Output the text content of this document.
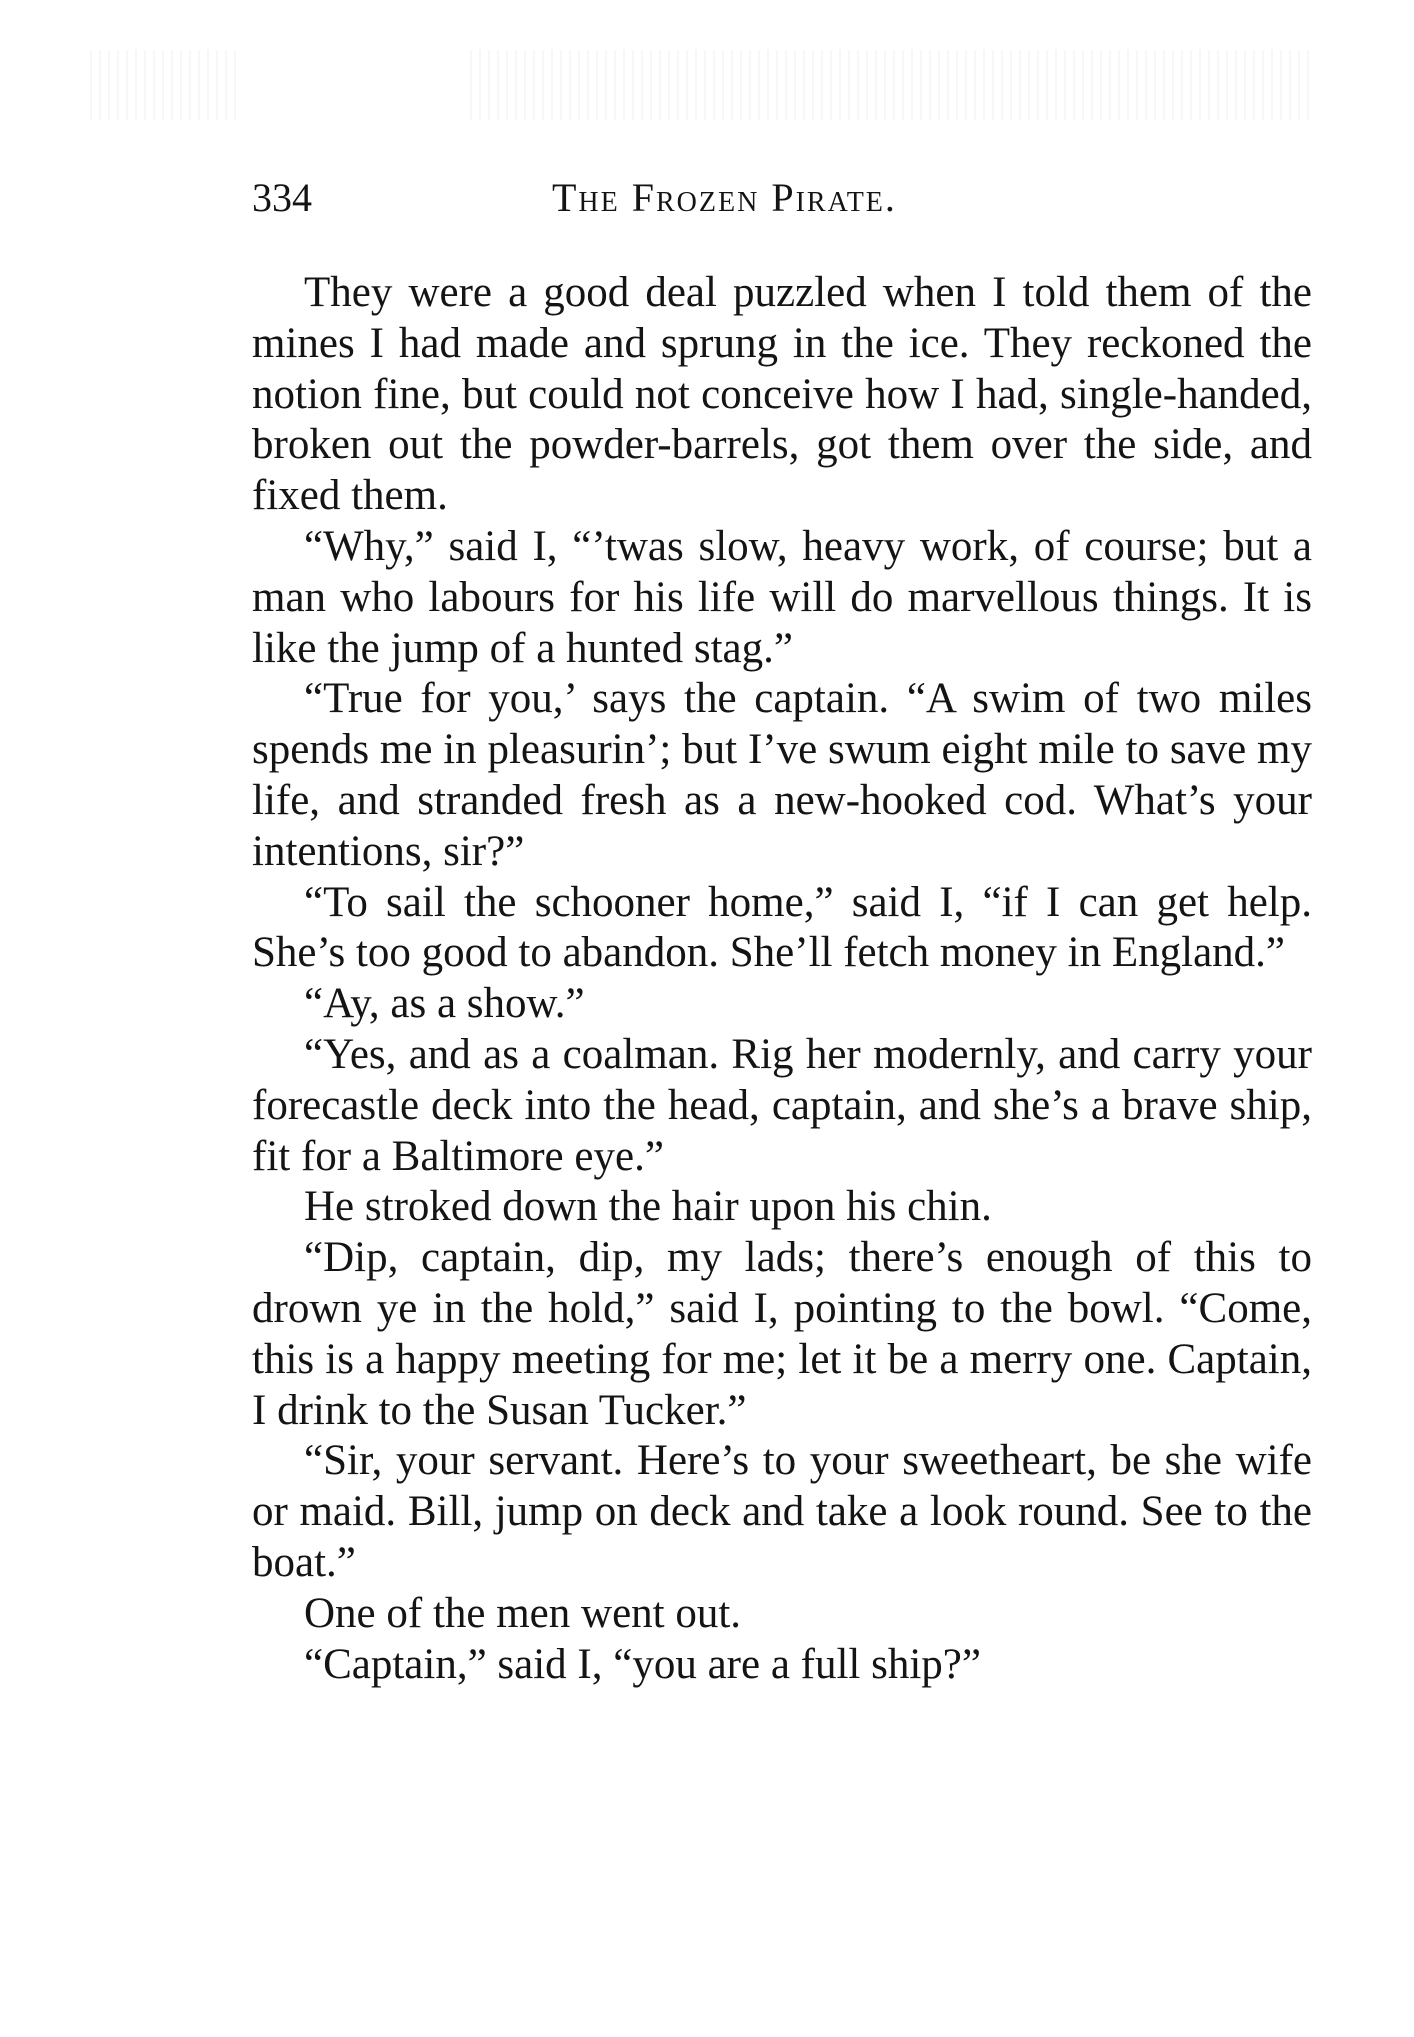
334	The Frozen Pirate.

They were a good deal puzzled when I told them of the mines I had made and sprung in the ice. They reckoned the notion fine, but could not conceive how I had, single-handed, broken out the powder-barrels, got them over the side, and fixed them.

“Why,” said I, “’twas slow, heavy work, of course; but a man who labours for his life will do marvellous things. It is like the jump of a hunted stag.”

“True for you,’ says the captain. “A swim of two miles spends me in pleasurin’; but I’ve swum eight mile to save my life, and stranded fresh as a new-hooked cod. What’s your intentions, sir?”

“To sail the schooner home,” said I, “if I can get help. She’s too good to abandon. She’ll fetch money in England.”

“Ay, as a show.”

“Yes, and as a coalman. Rig her modernly, and carry your forecastle deck into the head, captain, and she’s a brave ship, fit for a Baltimore eye.”

He stroked down the hair upon his chin.

“Dip, captain, dip, my lads; there’s enough of this to drown ye in the hold,” said I, pointing to the bowl. “Come, this is a happy meeting for me; let it be a merry one. Captain, I drink to the Susan Tucker.”

“Sir, your servant. Here’s to your sweetheart, be she wife or maid. Bill, jump on deck and take a look round. See to the boat.”

One of the men went out.

“Captain,” said I, “you are a full ship?”
